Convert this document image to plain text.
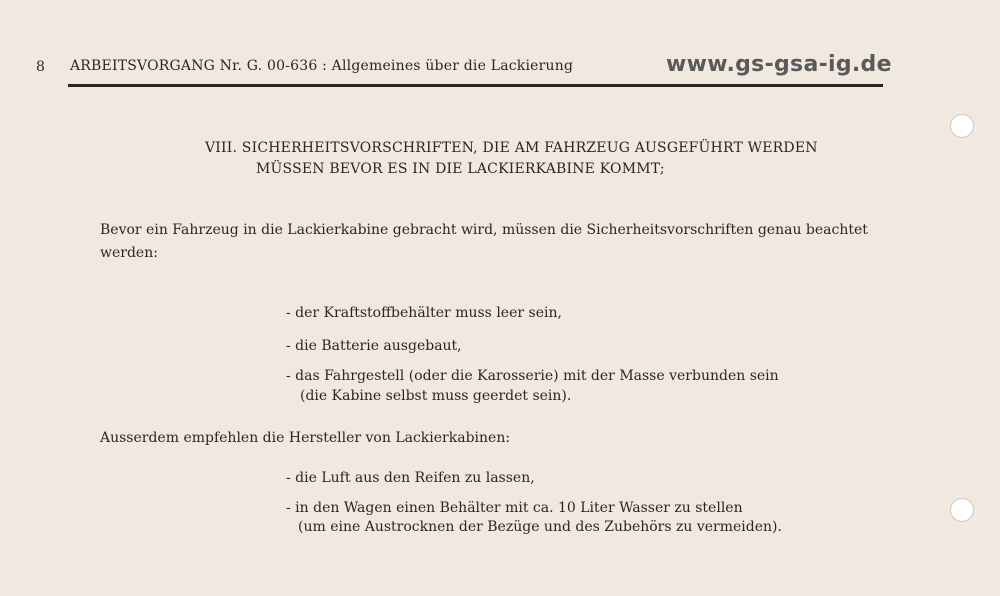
8 ARBEITSVORGANG Nr. G. 00-636 : Allgemeines über die Lackierung	www.gs-gsa-ig.de
VIII. SICHERHEITSVORSCHRIFTEN, DIE AM FAHRZEUG AUSGEFÜHRT WERDEN
MÜSSEN BEVOR ES IN DIE LACKIERKABINE KOMMT;
Bevor ein Fahrzeug in die Lackierkabine gebracht wird, müssen die Sicherheitsvorschriften genau beachtet
werden:
- der Kraftstoffbehälter muss leer sein,
- die Batterie ausgebaut,
- das Fahrgestell (oder die Karosserie) mit der Masse verbunden sein
(die Kabine selbst muss geerdet sein).
Ausserdem empfehlen die Hersteller von Lackierkabinen:
- die Luft aus den Reifen zu lassen,
- in den Wagen einen Behälter mit ca. 10 Liter Wasser zu stellen
(um eine Austrocknen der Bezüge und des Zubehörs zu vermeiden).
